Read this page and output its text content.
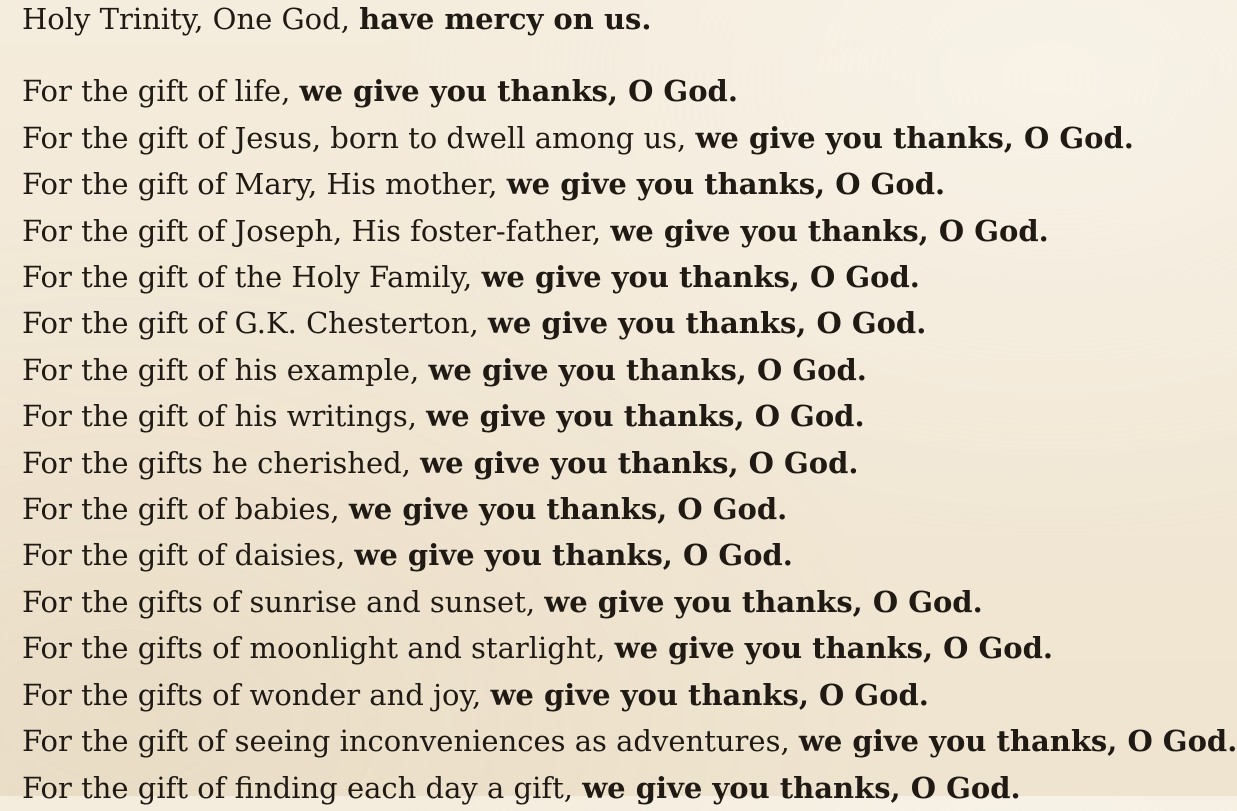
Holy Trinity, One God, have mercy on us.

For the gift of life, we give you thanks, O God.

For the gift of Jesus, born to dwell among us, we give you thanks, O God.

For the gift of Mary, His mother, we give you thanks, O God.

For the gift of Joseph, His foster-father, we give you thanks, O God.

For the gift of the Holy Family, we give you thanks, O God.

For the gift of G.K. Chesterton, we give you thanks, O God.

For the gift of his example, we give you thanks, O God.

For the gift of his writings, we give you thanks, O God.

For the gifts he cherished, we give you thanks, O God.

For the gift of babies, we give you thanks, O God.

For the gift of daisies, we give you thanks, O God.

For the gifts of sunrise and sunset, we give you thanks, O God.

For the gifts of moonlight and starlight, we give you thanks, O God.

For the gifts of wonder and joy, we give you thanks, O God.

For the gift of seeing inconveniences as adventures, we give you thanks, O God.

For the gift of finding each day a gift, we give you thanks, O God.
